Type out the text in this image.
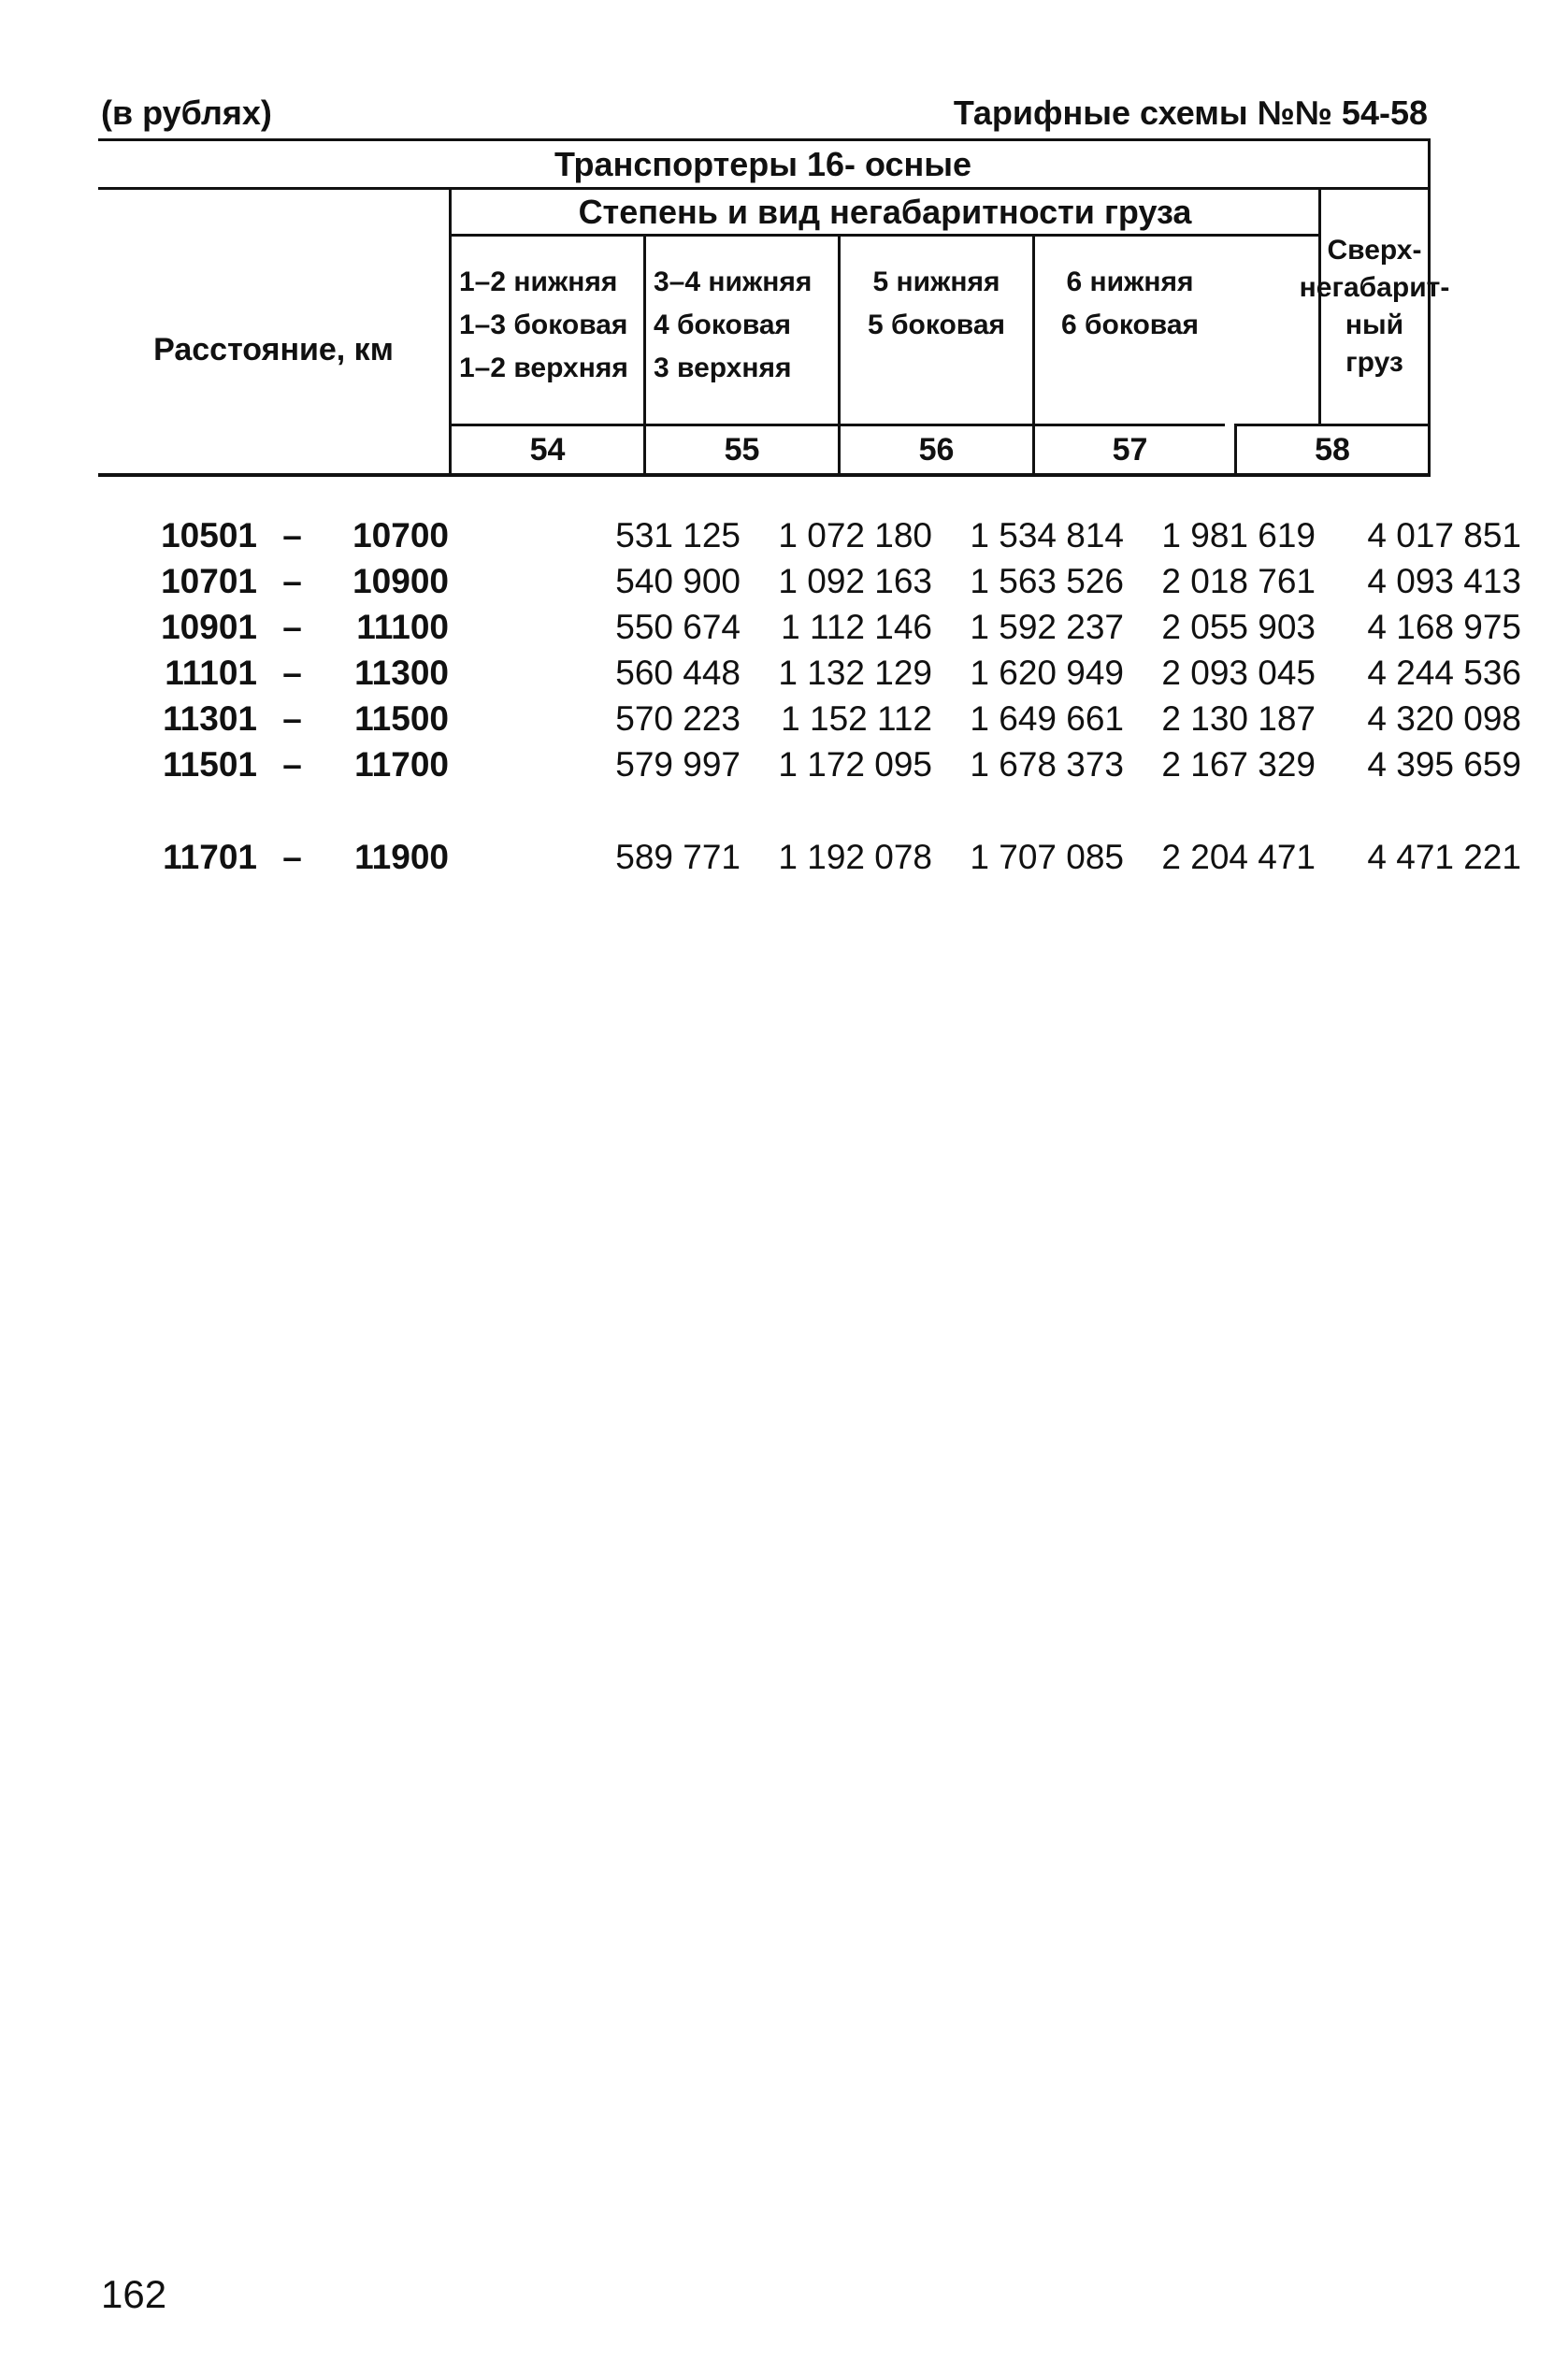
(в рублях)	Тарифные схемы №№ 54-58
Транспортеры 16- осные
Расстояние, км
Степень и вид негабаритности груза
Сверх-
негабарит-
ный груз
1–2 нижняя
1–3 боковая
1–2 верхняя
3–4 нижняя
4 боковая
3 верхняя
5 нижняя
5 боковая
6 нижняя
6 боковая
54	55	56	57	58
10501	–	10700	531 125	1 072 180	1 534 814	1 981 619	4 017 851
10701	–	10900	540 900	1 092 163	1 563 526	2 018 761	4 093 413
10901	–	11100	550 674	1 112 146	1 592 237	2 055 903	4 168 975
11101	–	11300	560 448	1 132 129	1 620 949	2 093 045	4 244 536
11301	–	11500	570 223	1 152 112	1 649 661	2 130 187	4 320 098
11501	–	11700	579 997	1 172 095	1 678 373	2 167 329	4 395 659

11701	–	11900	589 771	1 192 078	1 707 085	2 204 471	4 471 221
162
